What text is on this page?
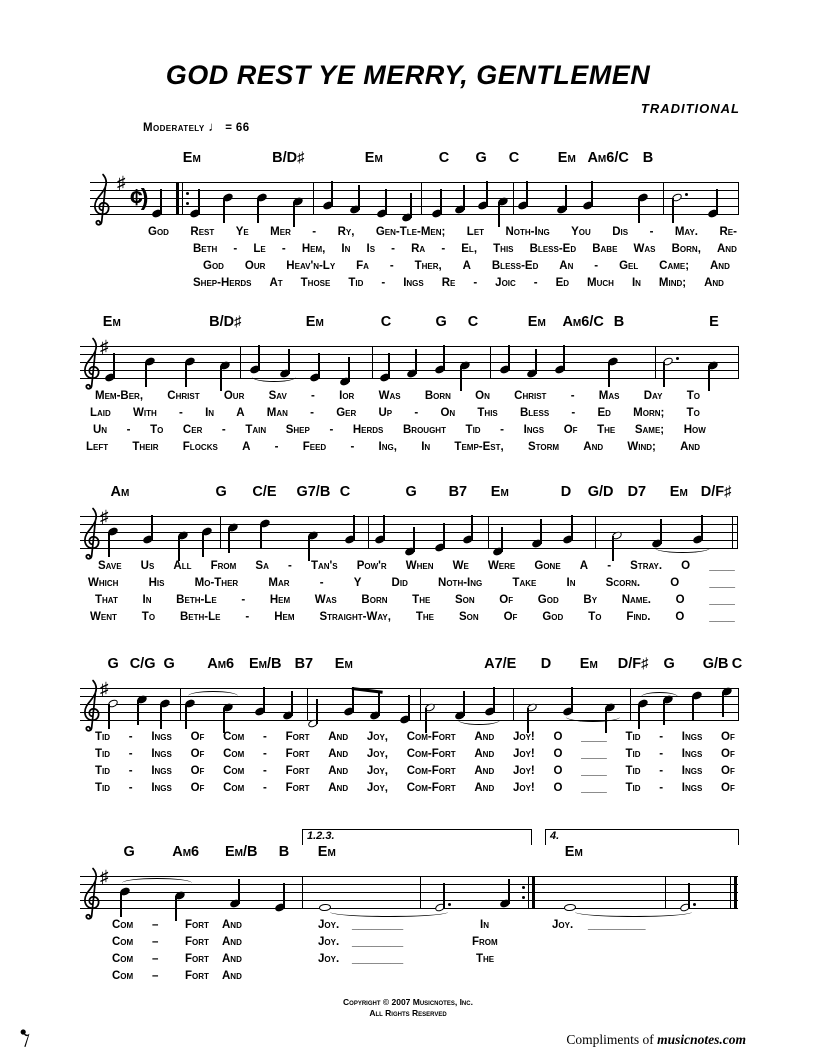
GOD REST YE MERRY, GENTLEMEN
TRADITIONAL
Moderately ♩ = 66
♯
¢)
Em	B/D♯	Em	C G C	Em Am6/C B
God Rest Ye Mer - Ry, Gen-Tle-Men; Let Noth-Ing You Dis - May. Re-
Beth - Le - Hem, In Is - Ra - El, This Bless-Ed Babe Was Born, And
God Our Heav'n-Ly Fa - Ther, A Bless-Ed An - Gel Came; And
Shep-Herds At Those Tid - Ings Re - Joic - Ed Much In Mind; And
♯
Em	B/D♯	Em	C	G C	Em Am6/C B	E
Mem-Ber, Christ Our Sav - Ior Was Born On Christ - Mas Day To
Laid With - In A Man - Ger Up - On This Bless - Ed Morn; To
Un - To Cer - Tain Shep - Herds Brought Tid - Ings Of The Same; How
Left Their Flocks A - Feed - Ing, In Temp-Est, Storm And Wind; And
♯
Am	G C/E G7/B C	G B7 Em	D G/D D7 Em D/F♯
Save Us All From Sa - Tan's Pow'r When We Were Gone A - Stray. O ____
Which	His	Mo-Ther	Mar	-	Y	Did	Noth-Ing	Take	In	Scorn.	O	____
That In Beth-Le - Hem Was Born The Son Of God By Name. O ____
Went To Beth-Le - Hem Straight-Way, The Son Of God To Find. O ____
♯
G C/G G Am6 Em/B B7 Em	A7/E D Em D/F♯ G G/B C
Tid - Ings Of Com - Fort And Joy, Com-Fort And Joy! O ____ Tid - Ings Of
Tid - Ings Of Com - Fort And Joy, Com-Fort And Joy! O ____ Tid - Ings Of
Tid - Ings Of Com - Fort And Joy, Com-Fort And Joy! O ____ Tid - Ings Of
Tid - Ings Of Com - Fort And Joy, Com-Fort And Joy! O ____ Tid - Ings Of
♯
1.2.3.	4.
G	Am6 Em/B B Em	Em
Com – Fort And	Joy. ________	In	Joy. _________
Com – Fort And	Joy. ________	From
Com – Fort And	Joy. ________	The
Com – Fort And
Copyright © 2007 Musicnotes, Inc.
All Rights Reserved
Compliments of musicnotes.com
